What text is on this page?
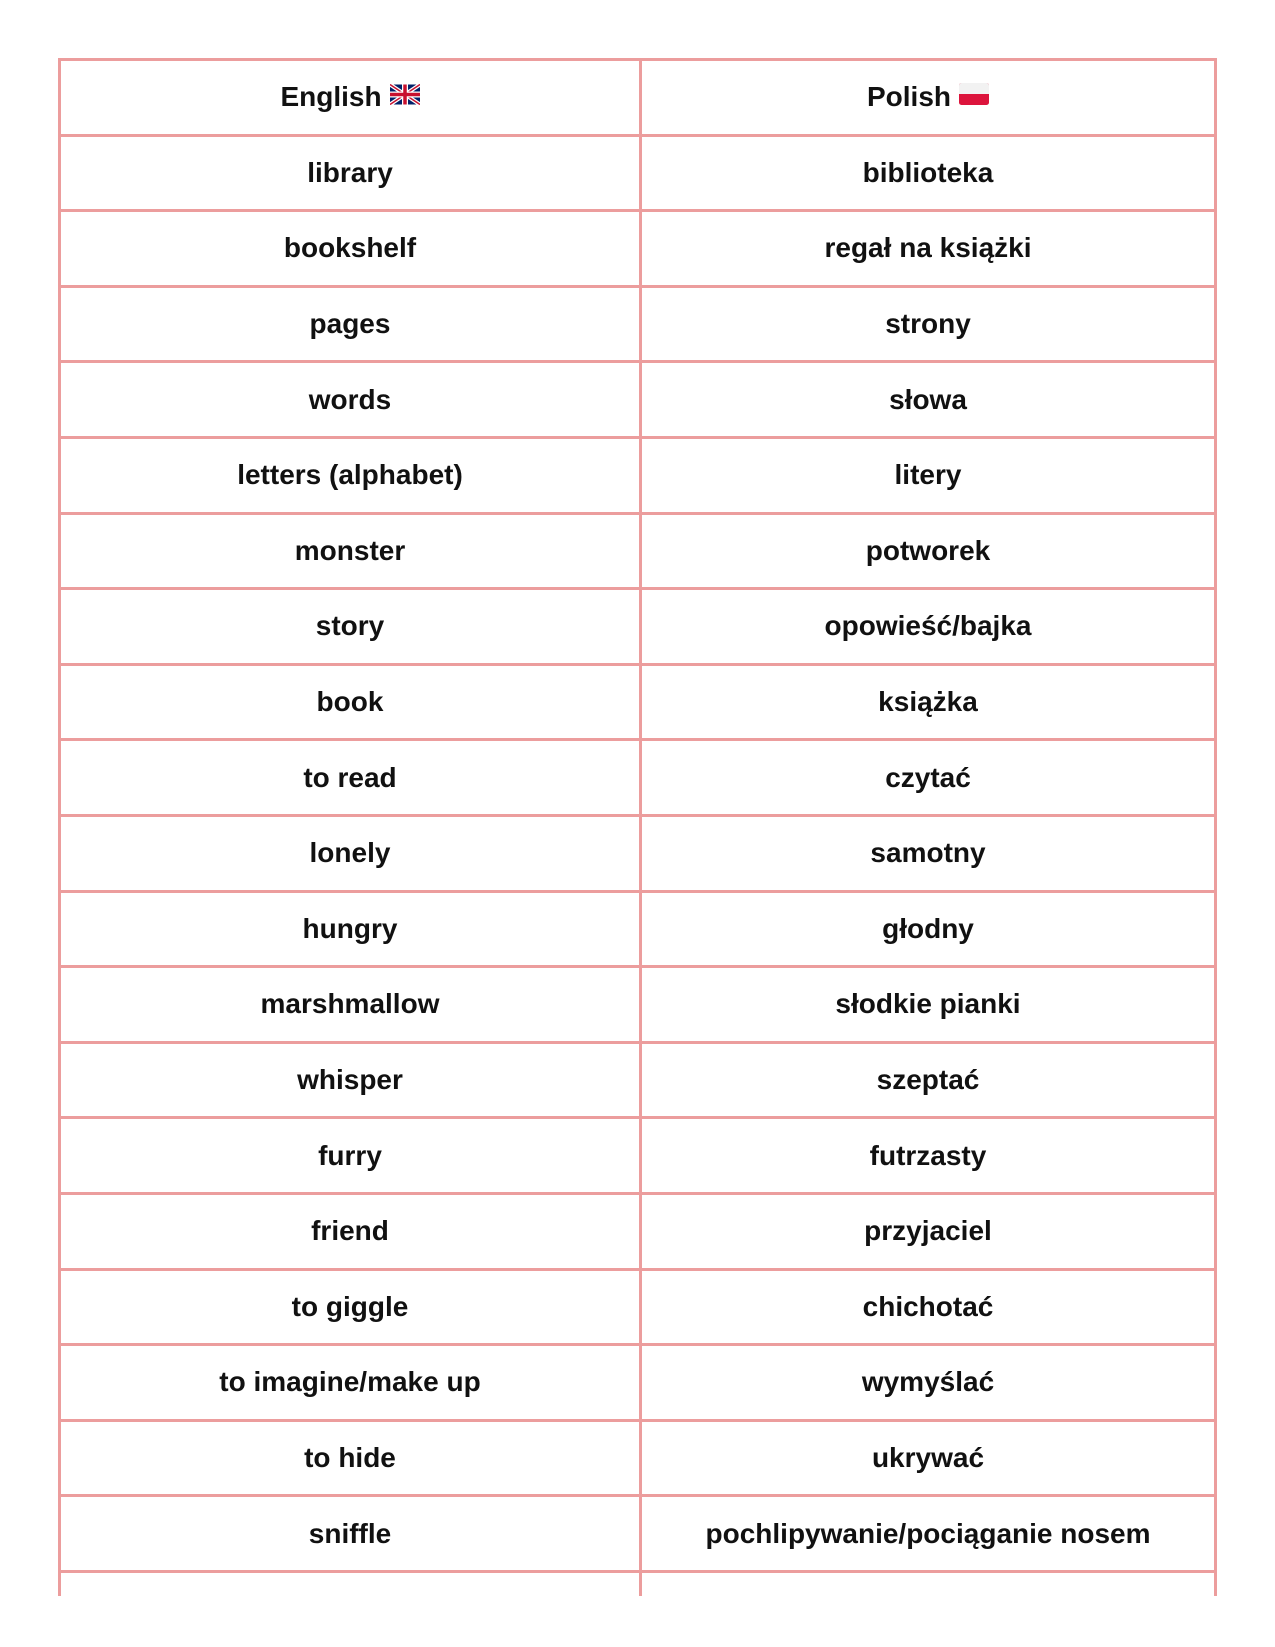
English	Polish
library	biblioteka
bookshelf	regał na książki
pages	strony
words	słowa
letters (alphabet)	litery
monster	potworek
story	opowieść/bajka
book	książka
to read	czytać
lonely	samotny
hungry	głodny
marshmallow	słodkie pianki
whisper	szeptać
furry	futrzasty
friend	przyjaciel
to giggle	chichotać
to imagine/make up	wymyślać
to hide	ukrywać
sniffle	pochlipywanie/pociąganie nosem
